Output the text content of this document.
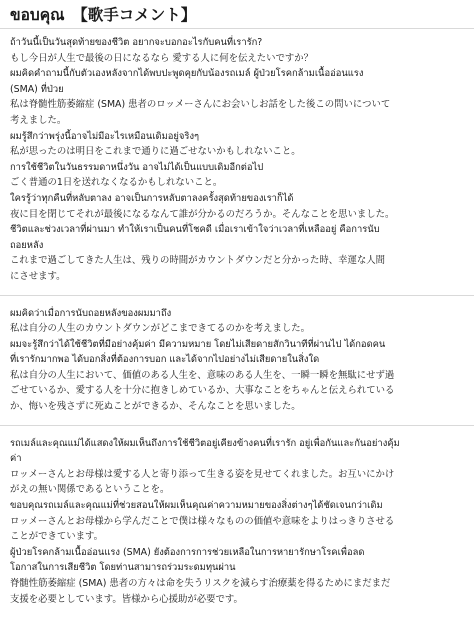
ขอบคุณ　【歌手コメント】

ถ้าวันนี้เป็นวันสุดท้ายของชีวิต อยากจะบอกอะไรกับคนที่เรารัก?

もし今日が人生で最後の日になるなら 愛する人に何を伝えたいですか？

ผมคิดคำถามนี้กับตัวเองหลังจากได้พบปะพูดคุยกับน้องรถเมล์ ผู้ป่วยโรคกล้ามเนื้ออ่อนแรง

(SMA) ที่ป่วย

私は脊髄性筋萎縮症 (SMA) 患者のロッメーさんにお会いしお話をした後この問いについて

考えました。

ผมรู้สึกว่าพรุ่งนี้อาจไม่มีอะไรเหมือนเดิมอยู่จริงๆ

私が思ったのは明日をこれまで通りに過ごせないかもしれないこと。

การใช้ชีวิตในวันธรรมดาหนึ่งวัน อาจไม่ได้เป็นแบบเดิมอีกต่อไป

ごく普通の1日を送れなくなるかもしれないこと。

ใครรู้ว่าทุกคืนที่หลับตาลง อาจเป็นการหลับตาลงครั้งสุดท้ายของเราก็ได้

夜に目を閉じてそれが最後になるなんて誰が分かるのだろうか。そんなことを思いました。

ชีวิตและช่วงเวลาที่ผ่านมา ทำให้เราเป็นคนที่โชคดี เมื่อเราเข้าใจว่าเวลาที่เหลืออยู่ คือการนับ

ถอยหลัง

これまで過ごしてきた人生は、残りの時間がカウントダウンだと分かった時、幸運な人間

にさせます。

ผมคิดว่าเมื่อการนับถอยหลังของผมมาถึง

私は自分の人生のカウントダウンがどこまできてるのかを考えました。

ผมจะรู้สึกว่าได้ใช้ชีวิตที่มีอย่างคุ้มค่า มีความหมาย โดยไม่เสียดายสักวินาทีที่ผ่านไป ได้กอดคน

ที่เรารักมากพอ ได้บอกสิ่งที่ต้องการบอก และได้จากไปอย่างไม่เสียดายในสิ่งใด

私は自分の人生において、価値のある人生を、意味のある人生を、一瞬一瞬を無駄にせず過

ごせているか、愛する人を十分に抱きしめているか、大事なことをちゃんと伝えられている

か、悔いを残さずに死ぬことができるか、そんなことを思いました。

รถเมล์และคุณแม่ได้แสดงให้ผมเห็นถึงการใช้ชีวิตอยู่เคียงข้างคนที่เรารัก อยู่เพื่อกันและกันอย่างคุ้ม

ค่า

ロッメーさんとお母様は愛する人と寄り添って生きる姿を見せてくれました。お互いにかけ

がえの無い関係であるということを。

ขอบคุณรถเมล์และคุณแม่ที่ช่วยสอนให้ผมเห็นคุณค่าความหมายของสิ่งต่างๆได้ชัดเจนกว่าเดิม

ロッメーさんとお母様から学んだことで僕は様々なものの価値や意味をよりはっきりさせる

ことができています。

ผู้ป่วยโรคกล้ามเนื้ออ่อนแรง (SMA) ยังต้องการการช่วยเหลือในการหายารักษาโรคเพื่อลด

โอกาสในการเสียชีวิต โดยท่านสามารถร่วมระดมทุนผ่าน

脊髄性筋萎縮症 (SMA) 患者の方々は命を失うリスクを減らす治療薬を得るためにまだまだ

支援を必要としています。皆様から心援助が必要です。
